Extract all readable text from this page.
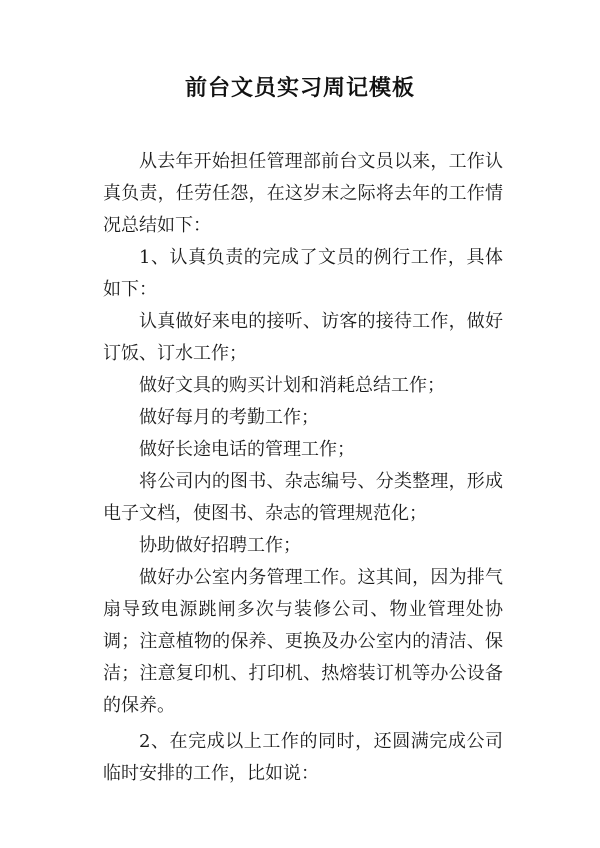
前台文员实习周记模板

从去年开始担任管理部前台文员以来，工作认真负责，任劳任怨，在这岁末之际将去年的工作情况总结如下：

1、认真负责的完成了文员的例行工作，具体如下：

认真做好来电的接听、访客的接待工作，做好订饭、订水工作；

做好文具的购买计划和消耗总结工作；

做好每月的考勤工作；

做好长途电话的管理工作；

将公司内的图书、杂志编号、分类整理，形成电子文档，使图书、杂志的管理规范化；

协助做好招聘工作；

做好办公室内务管理工作。这其间，因为排气扇导致电源跳闸多次与装修公司、物业管理处协调；注意植物的保养、更换及办公室内的清洁、保洁；注意复印机、打印机、热熔装订机等办公设备的保养。

2、在完成以上工作的同时，还圆满完成公司临时安排的工作，比如说：
